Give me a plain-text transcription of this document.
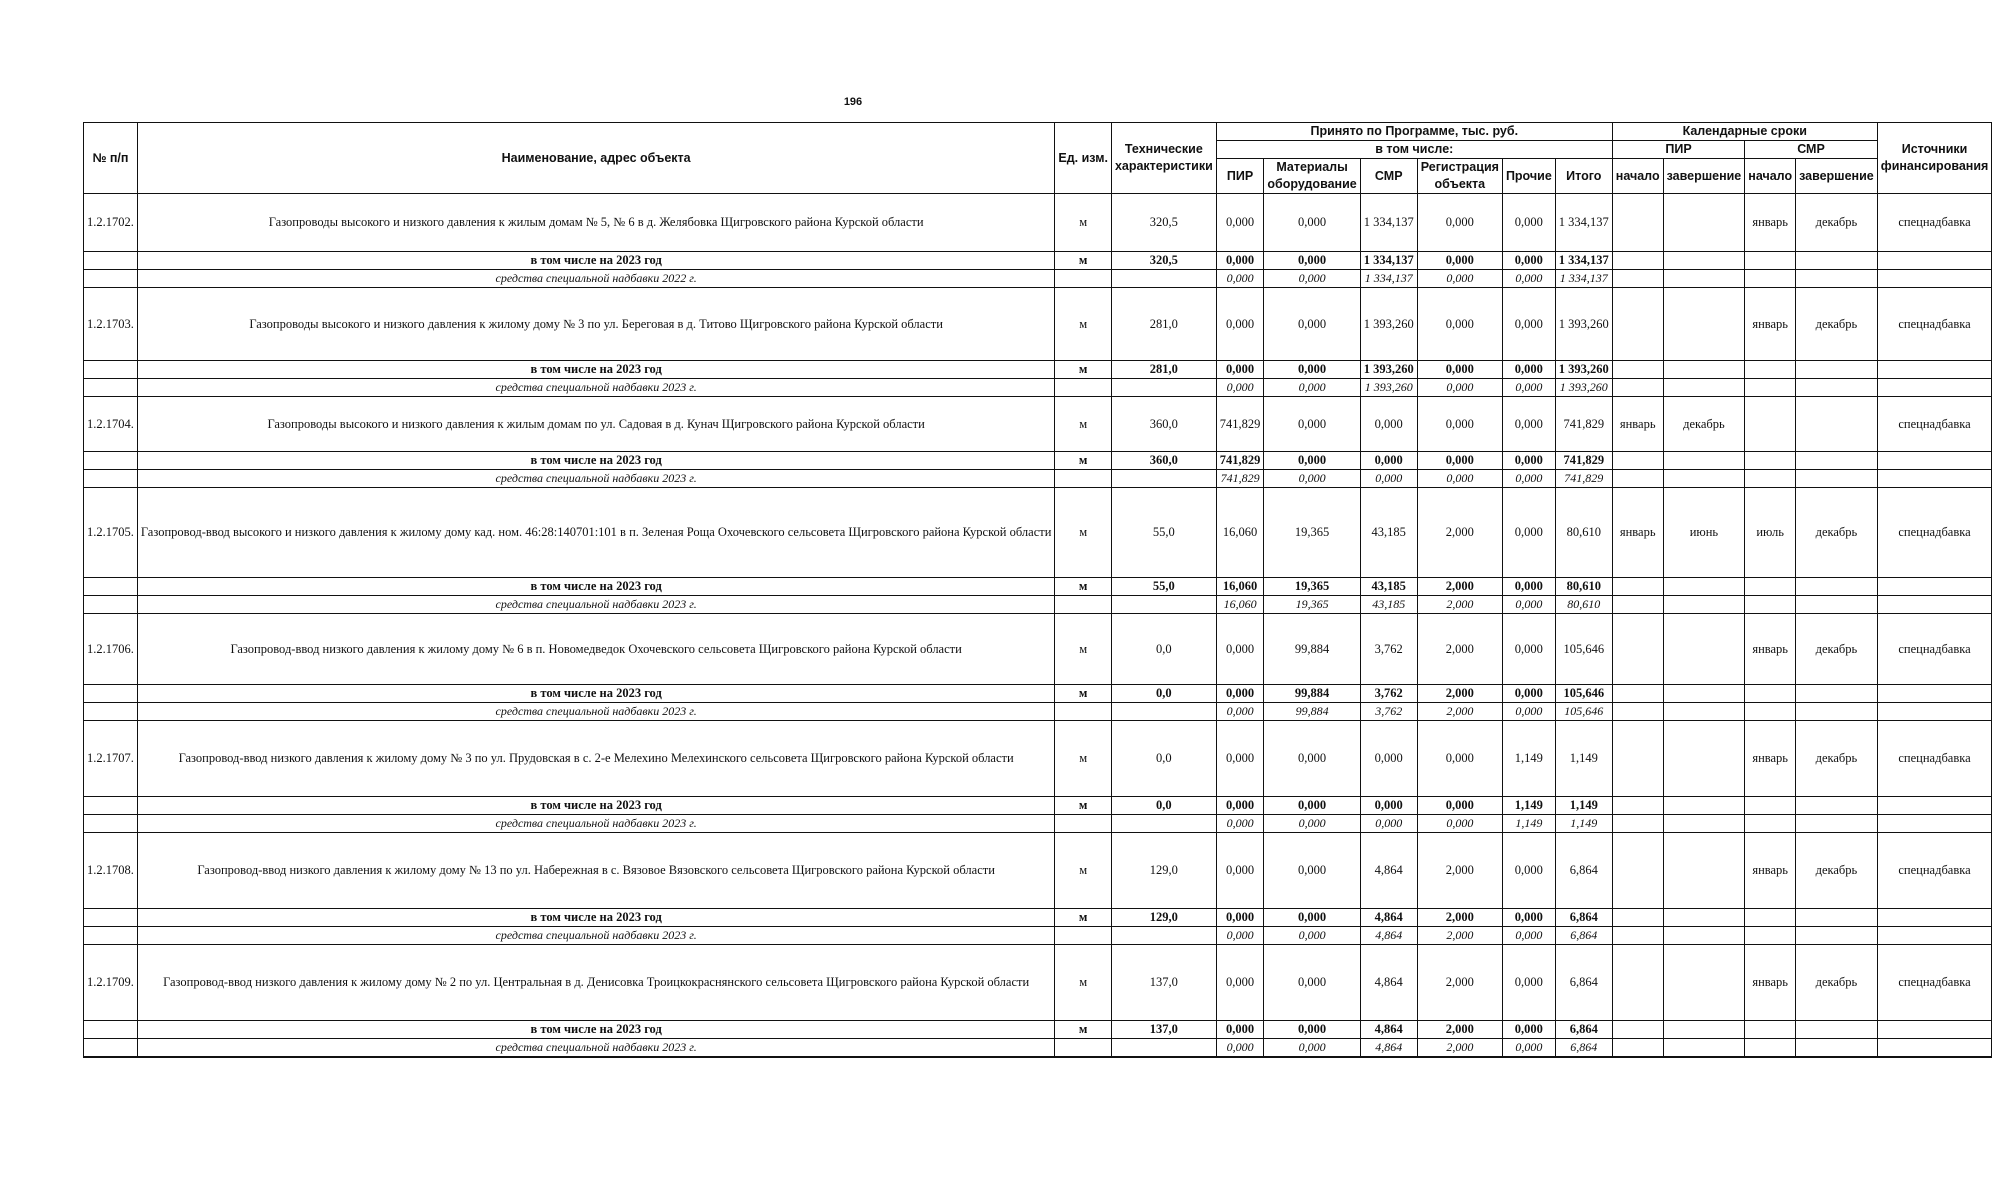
196
№ п/п	Наименование, адрес объекта	Ед. изм.	Технические характеристики	Принято по Программе, тыс. руб.						Календарные сроки				Источники финансирования
				в том числе:						ПИР		СМР		
				ПИР	Материалы оборудование	СМР	Регистрация объекта	Прочие	Итого	начало	завершение	начало	завершение	
1.2.1702.	Газопроводы высокого и низкого давления к жилым домам № 5, № 6 в д. Желябовка Щигровского района Курской области	м	320,5	0,000	0,000	1 334,137	0,000	0,000	1 334,137			январь	декабрь	спецнадбавка
	в том числе на 2023 год	м	320,5	0,000	0,000	1 334,137	0,000	0,000	1 334,137					
	средства специальной надбавки 2022 г.			0,000	0,000	1 334,137	0,000	0,000	1 334,137					
1.2.1703.	Газопроводы высокого и низкого давления к жилому дому № 3 по ул. Береговая в д. Титово Щигровского района Курской области	м	281,0	0,000	0,000	1 393,260	0,000	0,000	1 393,260			январь	декабрь	спецнадбавка
	в том числе на 2023 год	м	281,0	0,000	0,000	1 393,260	0,000	0,000	1 393,260					
	средства специальной надбавки 2023 г.			0,000	0,000	1 393,260	0,000	0,000	1 393,260					
1.2.1704.	Газопроводы высокого и низкого давления к жилым домам по ул. Садовая в д. Кунач Щигровского района Курской области	м	360,0	741,829	0,000	0,000	0,000	0,000	741,829	январь	декабрь			спецнадбавка
	в том числе на 2023 год	м	360,0	741,829	0,000	0,000	0,000	0,000	741,829					
	средства специальной надбавки 2023 г.			741,829	0,000	0,000	0,000	0,000	741,829					
1.2.1705.	Газопровод-ввод высокого и низкого давления к жилому дому кад. ном. 46:28:140701:101 в п. Зеленая Роща Охочевского сельсовета Щигровского района Курской области	м	55,0	16,060	19,365	43,185	2,000	0,000	80,610	январь	июнь	июль	декабрь	спецнадбавка
	в том числе на 2023 год	м	55,0	16,060	19,365	43,185	2,000	0,000	80,610					
	средства специальной надбавки 2023 г.			16,060	19,365	43,185	2,000	0,000	80,610					
1.2.1706.	Газопровод-ввод низкого давления к жилому дому № 6 в п. Новомедведок Охочевского сельсовета Щигровского района Курской области	м	0,0	0,000	99,884	3,762	2,000	0,000	105,646			январь	декабрь	спецнадбавка
	в том числе на 2023 год	м	0,0	0,000	99,884	3,762	2,000	0,000	105,646					
	средства специальной надбавки 2023 г.			0,000	99,884	3,762	2,000	0,000	105,646					
1.2.1707.	Газопровод-ввод низкого давления к жилому дому № 3 по ул. Прудовская в с. 2-е Мелехино Мелехинского сельсовета Щигровского района Курской области	м	0,0	0,000	0,000	0,000	0,000	1,149	1,149			январь	декабрь	спецнадбавка
	в том числе на 2023 год	м	0,0	0,000	0,000	0,000	0,000	1,149	1,149					
	средства специальной надбавки 2023 г.			0,000	0,000	0,000	0,000	1,149	1,149					
1.2.1708.	Газопровод-ввод низкого давления к жилому дому № 13 по ул. Набережная в с. Вязовое Вязовского сельсовета Щигровского района Курской области	м	129,0	0,000	0,000	4,864	2,000	0,000	6,864			январь	декабрь	спецнадбавка
	в том числе на 2023 год	м	129,0	0,000	0,000	4,864	2,000	0,000	6,864					
	средства специальной надбавки 2023 г.			0,000	0,000	4,864	2,000	0,000	6,864					
1.2.1709.	Газопровод-ввод низкого давления к жилому дому № 2 по ул. Центральная в д. Денисовка Троицкокраснянского сельсовета Щигровского района Курской области	м	137,0	0,000	0,000	4,864	2,000	0,000	6,864			январь	декабрь	спецнадбавка
	в том числе на 2023 год	м	137,0	0,000	0,000	4,864	2,000	0,000	6,864					
	средства специальной надбавки 2023 г.			0,000	0,000	4,864	2,000	0,000	6,864					
